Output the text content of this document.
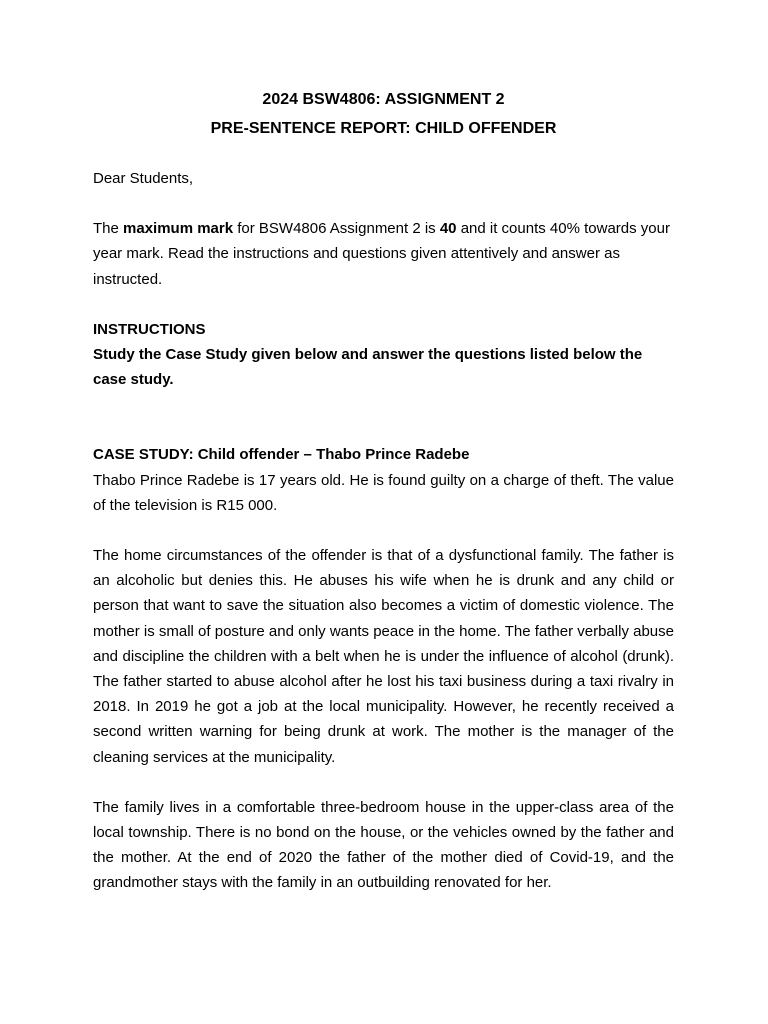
2024 BSW4806: ASSIGNMENT 2

PRE-SENTENCE REPORT: CHILD OFFENDER

Dear Students,

The maximum mark for BSW4806 Assignment 2 is 40 and it counts 40% towards your year mark. Read the instructions and questions given attentively and answer as instructed.

INSTRUCTIONS

Study the Case Study given below and answer the questions listed below the case study.

CASE STUDY: Child offender – Thabo Prince Radebe

Thabo Prince Radebe is 17 years old. He is found guilty on a charge of theft. The value of the television is R15 000.

The home circumstances of the offender is that of a dysfunctional family. The father is an alcoholic but denies this. He abuses his wife when he is drunk and any child or person that want to save the situation also becomes a victim of domestic violence. The mother is small of posture and only wants peace in the home. The father verbally abuse and discipline the children with a belt when he is under the influence of alcohol (drunk). The father started to abuse alcohol after he lost his taxi business during a taxi rivalry in 2018. In 2019 he got a job at the local municipality. However, he recently received a second written warning for being drunk at work. The mother is the manager of the cleaning services at the municipality.

The family lives in a comfortable three-bedroom house in the upper-class area of the local township. There is no bond on the house, or the vehicles owned by the father and the mother. At the end of 2020 the father of the mother died of Covid-19, and the grandmother stays with the family in an outbuilding renovated for her.
